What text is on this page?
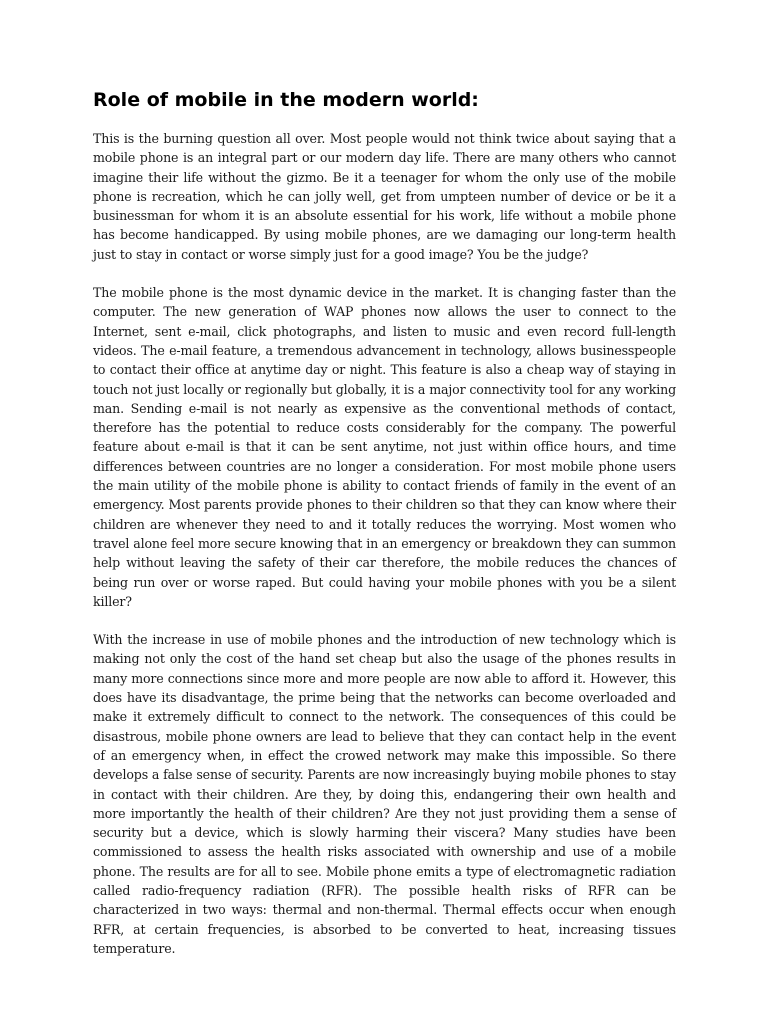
Role of mobile in the modern world:

This is the burning question all over. Most people would not think twice about saying that a mobile phone is an integral part or our modern day life. There are many others who cannot imagine their life without the gizmo. Be it a teenager for whom the only use of the mobile phone is recreation, which he can jolly well, get from umpteen number of device or be it a businessman for whom it is an absolute essential for his work, life without a mobile phone has become handicapped. By using mobile phones, are we damaging our long-term health just to stay in contact or worse simply just for a good image? You be the judge?

The mobile phone is the most dynamic device in the market. It is changing faster than the computer. The new generation of WAP phones now allows the user to connect to the Internet, sent e-mail, click photographs, and listen to music and even record full-length videos. The e-mail feature, a tremendous advancement in technology, allows businesspeople to contact their office at anytime day or night. This feature is also a cheap way of staying in touch not just locally or regionally but globally, it is a major connectivity tool for any working man. Sending e-mail is not nearly as expensive as the conventional methods of contact, therefore has the potential to reduce costs considerably for the company. The powerful feature about e-mail is that it can be sent anytime, not just within office hours, and time differences between countries are no longer a consideration. For most mobile phone users the main utility of the mobile phone is ability to contact friends of family in the event of an emergency. Most parents provide phones to their children so that they can know where their children are whenever they need to and it totally reduces the worrying. Most women who travel alone feel more secure knowing that in an emergency or breakdown they can summon help without leaving the safety of their car therefore, the mobile reduces the chances of being run over or worse raped. But could having your mobile phones with you be a silent killer?

With the increase in use of mobile phones and the introduction of new technology which is making not only the cost of the hand set cheap but also the usage of the phones results in many more connections since more and more people are now able to afford it. However, this does have its disadvantage, the prime being that the networks can become overloaded and make it extremely difficult to connect to the network. The consequences of this could be disastrous, mobile phone owners are lead to believe that they can contact help in the event of an emergency when, in effect the crowed network may make this impossible. So there develops a false sense of security. Parents are now increasingly buying mobile phones to stay in contact with their children. Are they, by doing this, endangering their own health and more importantly the health of their children? Are they not just providing them a sense of security but a device, which is slowly harming their viscera? Many studies have been commissioned to assess the health risks associated with ownership and use of a mobile phone. The results are for all to see. Mobile phone emits a type of electromagnetic radiation called radio-frequency radiation (RFR). The possible health risks of RFR can be characterized in two ways: thermal and non-thermal. Thermal effects occur when enough RFR, at certain frequencies, is absorbed to be converted to heat, increasing tissues temperature.
